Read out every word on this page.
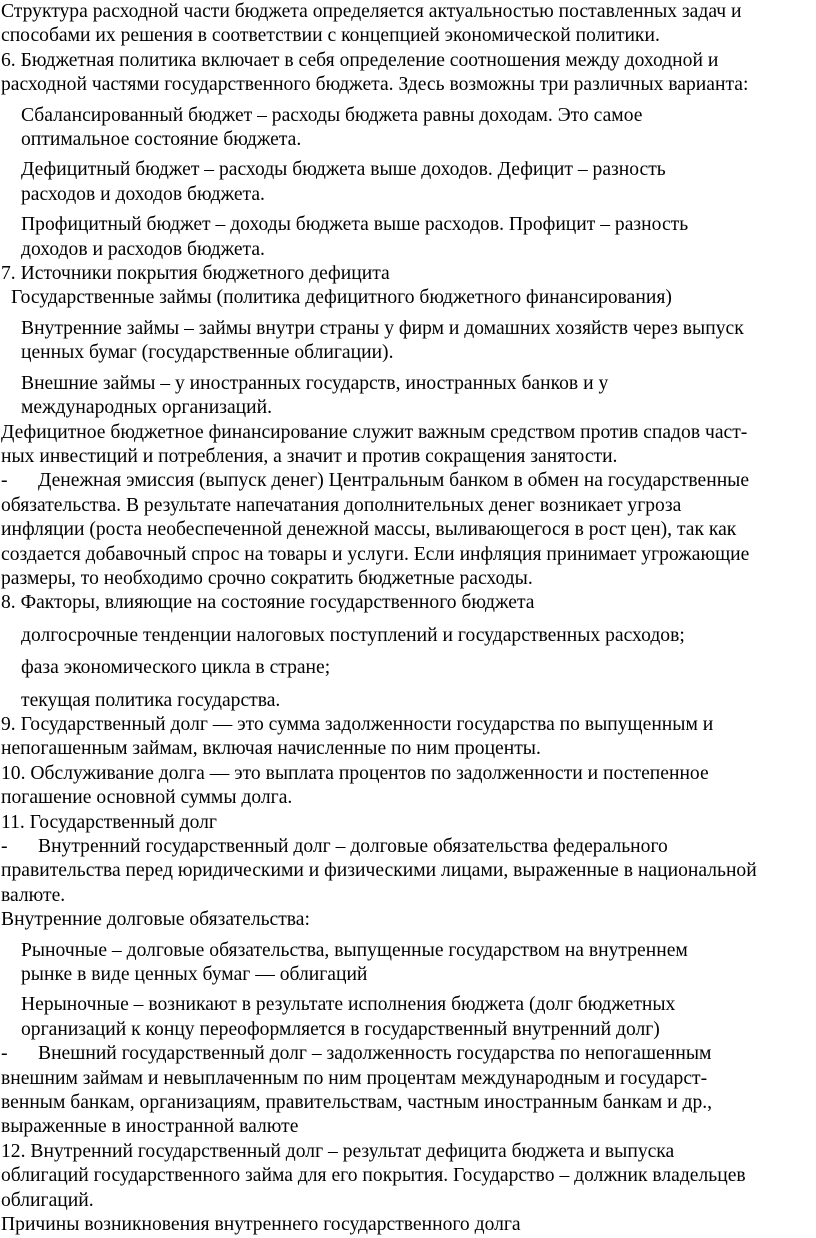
Структура расходной части бюджета определяется актуальностью поставленных задач и
способами их решения в соответствии с концепцией экономической политики.
6. Бюджетная политика включает в себя определение соотношения между доходной и
расходной частями государственного бюджета. Здесь возможны три различных варианта:
Сбалансированный бюджет – расходы бюджета равны доходам. Это самое
оптимальное состояние бюджета.
Дефицитный бюджет – расходы бюджета выше доходов. Дефицит – разность
расходов и доходов бюджета.
Профицитный бюджет – доходы бюджета выше расходов. Профицит – разность
доходов и расходов бюджета.
7. Источники покрытия бюджетного дефицита
Государственные займы (политика дефицитного бюджетного финансирования)
Внутренние займы – займы внутри страны у фирм и домашних хозяйств через выпуск
ценных бумаг (государственные облигации).
Внешние займы – у иностранных государств, иностранных банков и у
международных организаций.
Дефицитное бюджетное финансирование служит важным средством против спадов част-
ных инвестиций и потребления, а значит и против сокращения занятости.
- Денежная эмиссия (выпуск денег) Центральным банком в обмен на государственные
обязательства. В результате напечатания дополнительных денег возникает угроза
инфляции (роста необеспеченной денежной массы, выливающегося в рост цен), так как
создается добавочный спрос на товары и услуги. Если инфляция принимает угрожающие
размеры, то необходимо срочно сократить бюджетные расходы.
8. Факторы, влияющие на состояние государственного бюджета
долгосрочные тенденции налоговых поступлений и государственных расходов;
фаза экономического цикла в стране;
текущая политика государства.
9. Государственный долг — это сумма задолженности государства по выпущенным и
непогашенным займам, включая начисленные по ним проценты.
10. Обслуживание долга — это выплата процентов по задолженности и постепенное
погашение основной суммы долга.
11. Государственный долг
- Внутренний государственный долг – долговые обязательства федерального
правительства перед юридическими и физическими лицами, выраженные в национальной
валюте.
Внутренние долговые обязательства:
Рыночные – долговые обязательства, выпущенные государством на внутреннем
рынке в виде ценных бумаг — облигаций
Нерыночные – возникают в результате исполнения бюджета (долг бюджетных
организаций к концу переоформляется в государственный внутренний долг)
- Внешний государственный долг – задолженность государства по непогашенным
внешним займам и невыплаченным по ним процентам международным и государст-
венным банкам, организациям, правительствам, частным иностранным банкам и др.,
выраженные в иностранной валюте
12. Внутренний государственный долг – результат дефицита бюджета и выпуска
облигаций государственного займа для его покрытия. Государство – должник владельцев
облигаций.
Причины возникновения внутреннего государственного долга
